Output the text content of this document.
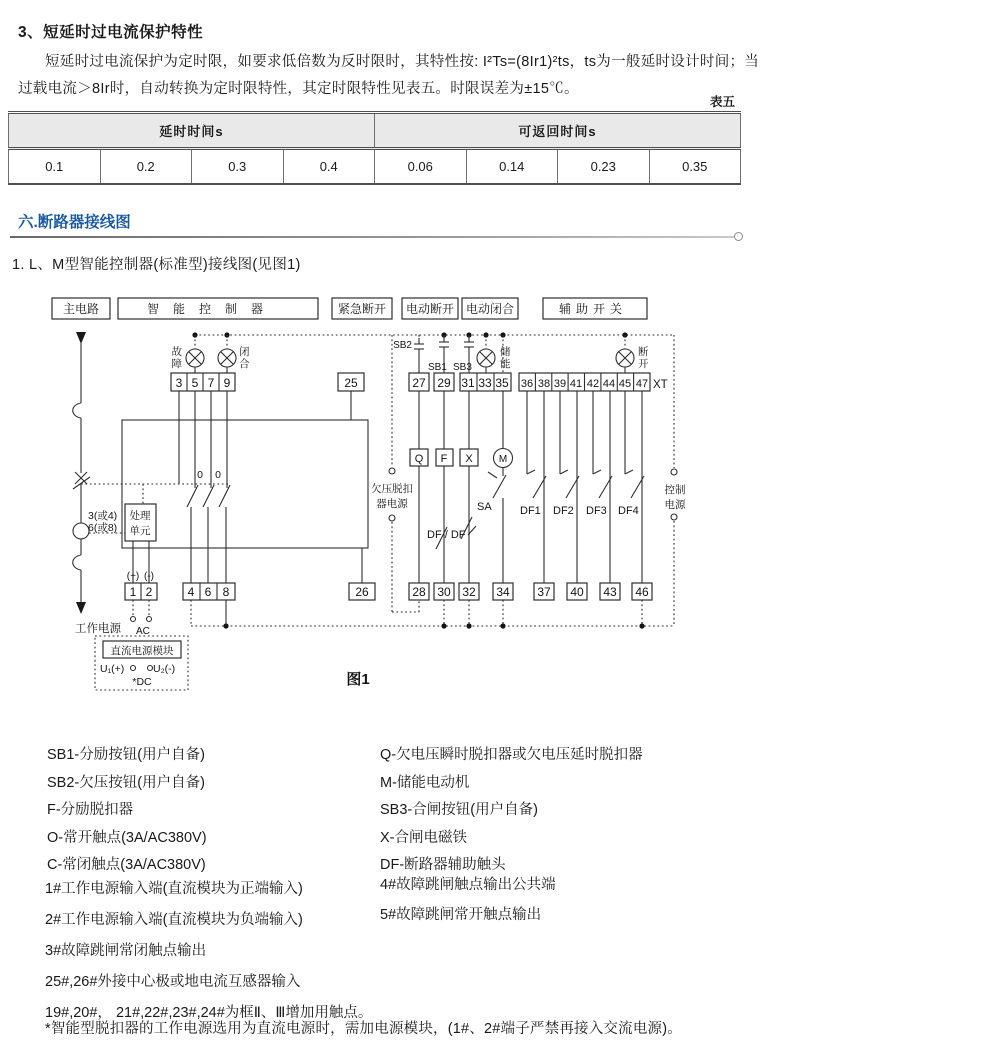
3、短延时过电流保护特性
短延时过电流保护为定时限，如要求低倍数为反时限时，其特性按: I²Ts=(8Ir1)²ts，ts为一般延时设计时间；当
过载电流＞8Ir时，自动转换为定时限特性，其定时限特性见表五。时限误差为±15℃。
表五
延时时间s				可返回时间s			
0.1	0.2	0.3	0.4	0.06	0.14	0.23	0.35
六.断路器接线图
1. L、M型智能控制器(标准型)接线图(见图1)
主电路	智能控制器	紧急断开 电动断开 电动闭合	辅助开关
3(或4)
6(或8)
处理
单元
故
障
闭
合
3 5 7 9	25
0 0
26
(+) (-)
1 2	4 6 8
工作电源 AC
直流电源模块
U₁(+)	U₂(-)
*DC
欠压脱扣
器电源
SB2
SB1 SB3
储
能
断
开
27 29 31 33 35 36 38 39 41 42 44 45 47 XT
Q F X	M
SA
DF / DF
DF1 DF2 DF3 DF4
28 30 32 34 37 40 43 46
控制
电源
图1
SB1-分励按钮(用户自备)
SB2-欠压按钮(用户自备)
F-分励脱扣器
O-常开触点(3A/AC380V)
C-常闭触点(3A/AC380V)
Q-欠电压瞬时脱扣器或欠电压延时脱扣器
M-储能电动机
SB3-合闸按钮(用户自备)
X-合闸电磁铁
DF-断路器辅助触头
1#工作电源输入端(直流模块为正端输入)
2#工作电源输入端(直流模块为负端输入)
3#故障跳闸常闭触点输出
25#,26#外接中心极或地电流互感器输入
19#,20#， 21#,22#,23#,24#为框Ⅱ、Ⅲ增加用触点。
4#故障跳闸触点输出公共端
5#故障跳闸常开触点输出
*智能型脱扣器的工作电源选用为直流电源时，需加电源模块，(1#、2#端子严禁再接入交流电源)。
